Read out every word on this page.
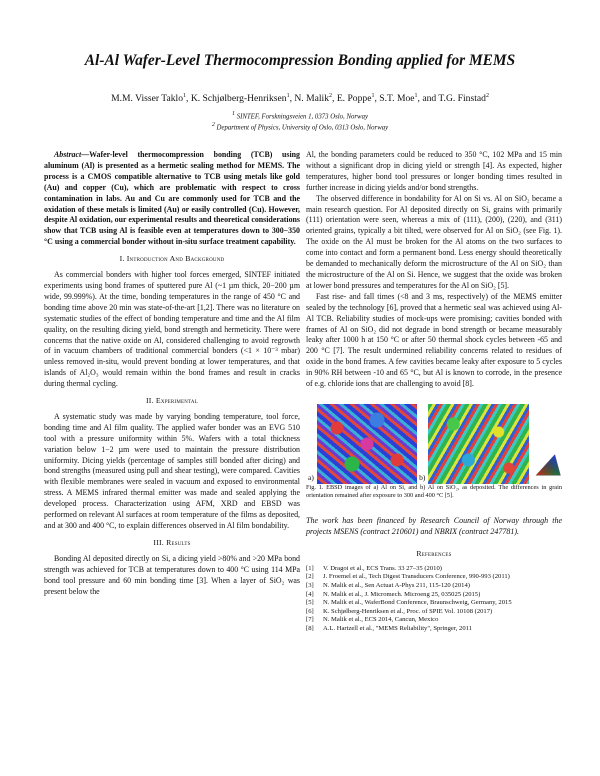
Al-Al Wafer-Level Thermocompression Bonding applied for MEMS
M.M. Visser Taklo$^1$, K. Schjølberg-Henriksen$^1$, N. Malik$^2$, E. Poppe$^1$, S.T. Moe$^1$, and T.G. Finstad$^2$
$^1$ SINTEF, Forskningsveien 1, 0373 Oslo, Norway
$^2$ Department of Physics, University of Oslo, 0313 Oslo, Norway

Abstract—Wafer-level thermocompression bonding (TCB) using aluminum (Al) is presented as a hermetic sealing method for MEMS. The process is a CMOS compatible alternative to TCB using metals like gold (Au) and copper (Cu), which are problematic with respect to cross contamination in labs. Au and Cu are commonly used for TCB and the oxidation of these metals is limited (Au) or easily controlled (Cu). However, despite Al oxidation, our experimental results and theoretical considerations show that TCB using Al is feasible even at temperatures down to 300−350 °C using a commercial bonder without in-situ surface treatment capability.

I. Introduction And Background

As commercial bonders with higher tool forces emerged, SINTEF initiated experiments using bond frames of sputtered pure Al (~1 µm thick, 20−200 µm wide, 99.999%). At the time, bonding temperatures in the range of 450 °C and bonding time above 20 min was state-of-the-art [1,2]. There was no literature on systematic studies of the effect of bonding temperature and time and the Al film quality, on the resulting dicing yield, bond strength and hermeticity. There were concerns that the native oxide on Al, considered challenging to avoid regrowth of in vacuum chambers of traditional commercial bonders (<1 × 10⁻³ mbar) unless removed in-situ, would prevent bonding at lower temperatures, and that islands of Al₂O₃ would remain within the bond frames and result in cracks during thermal cycling.

II. Experimental

A systematic study was made by varying bonding temperature, tool force, bonding time and Al film quality. The applied wafer bonder was an EVG 510 tool with a pressure uniformity within 5%. Wafers with a total thickness variation below 1−2 µm were used to maintain the pressure distribution uniformity. Dicing yields (percentage of samples still bonded after dicing) and bond strengths (measured using pull and shear testing), were compared. Cavities with flexible membranes were sealed in vacuum and exposed to environmental stress. A MEMS infrared thermal emitter was made and sealed applying the developed process. Characterization using AFM, XRD and EBSD was performed on relevant Al surfaces at room temperature of the films as deposited, and at 300 and 400 °C, to explain differences observed in Al film bondability.

III. Results

Bonding Al deposited directly on Si, a dicing yield >80% and >20 MPa bond strength was achieved for TCB at temperatures down to 400 °C using 114 MPa bond tool pressure and 60 min bonding time [3]. When a layer of SiO₂ was present below the

Al, the bonding parameters could be reduced to 350 °C, 102 MPa and 15 min without a significant drop in dicing yield or strength [4]. As expected, higher temperatures, higher bond tool pressures or longer bonding times resulted in further increase in dicing yields and/or bond strengths.

The observed difference in bondability for Al on Si vs. Al on SiO₂ became a main research question. For Al deposited directly on Si, grains with primarily (111) orientation were seen, whereas a mix of (111), (200), (220), and (311) oriented grains, typically a bit tilted, were observed for Al on SiO₂ (see Fig. 1). The oxide on the Al must be broken for the Al atoms on the two surfaces to come into contact and form a permanent bond. Less energy should theoretically be demanded to mechanically deform the microstructure of the Al on SiO₂ than the microstructure of the Al on Si. Hence, we suggest that the oxide was broken at lower bond pressures and temperatures for the Al on SiO₂ [5].

Fast rise- and fall times (<8 and 3 ms, respectively) of the MEMS emitter sealed by the technology [6], proved that a hermetic seal was achieved using Al-Al TCB. Reliability studies of mock-ups were promising; cavities bonded with frames of Al on SiO₂ did not degrade in bond strength or became measurably leaky after 1000 h at 150 °C or after 50 thermal shock cycles between -65 and 200 °C [7]. The result undermined reliability concerns related to residues of oxide in the bond frames. A few cavities became leaky after exposure to 5 cycles in 90% RH between -10 and 65 °C, but Al is known to corrode, in the presence of e.g. chloride ions that are challenging to avoid [8].

a)	b)

Fig. 1. EBSD images of a) Al on Si, and b) Al on SiO₂, as deposited. The differences in grain orientation remained after exposure to 300 and 400 °C [5].

The work has been financed by Research Council of Norway through the projects MSENS (contract 210601) and NBRIX (contract 247781).

References
[1]	V. Dragoi et al., ECS Trans. 33 27–35 (2010)
[2]	J. Froemel et al., Tech Digest Transducers Conference, 990-993 (2011)
[3]	N. Malik et al., Sen Actuat A-Phys 211, 115-120 (2014)
[4]	N. Malik et al., J. Micromech. Microeng 25, 035025 (2015)
[5]	N. Malik et al., WaferBond Conference, Braunschweig, Germany, 2015
[6]	K. Schjølberg-Henriksen et al., Proc. of SPIE Vol. 10108 (2017)
[7]	N. Malik et al., ECS 2014, Cancun, Mexico
[8]	A.L. Hartzell et al., "MEMS Reliability", Springer, 2011
